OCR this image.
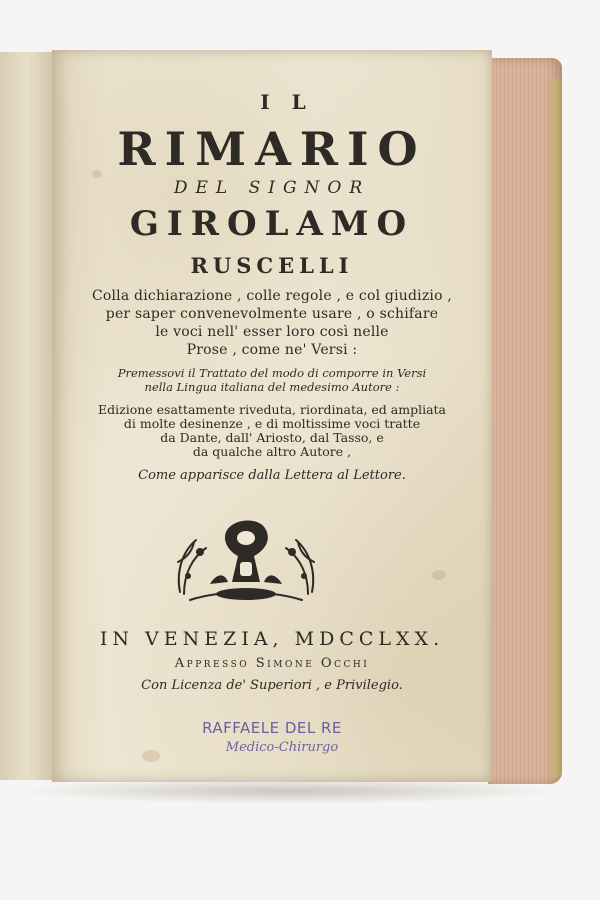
IL
RIMARIO
DEL SIGNOR
GIROLAMO
RUSCELLI
Colla dichiarazione , colle regole , e col giudizio ,
per saper convenevolmente usare , o schifare
le voci nell' esser loro così nelle
Prose , come ne' Versi :
Premessovi il Trattato del modo di comporre in Versi
nella Lingua italiana del medesimo Autore :
Edizione esattamente riveduta, riordinata, ed ampliata
di molte desinenze , e di moltissime voci tratte
da Dante, dall' Ariosto, dal Tasso, e
da qualche altro Autore ,
Come apparisce dalla Lettera al Lettore.
IN VENEZIA, MDCCLXX.
Appresso Simone Occhi
Con Licenza de' Superiori , e Privilegio.
RAFFAELE DEL RE
Medico-Chirurgo
